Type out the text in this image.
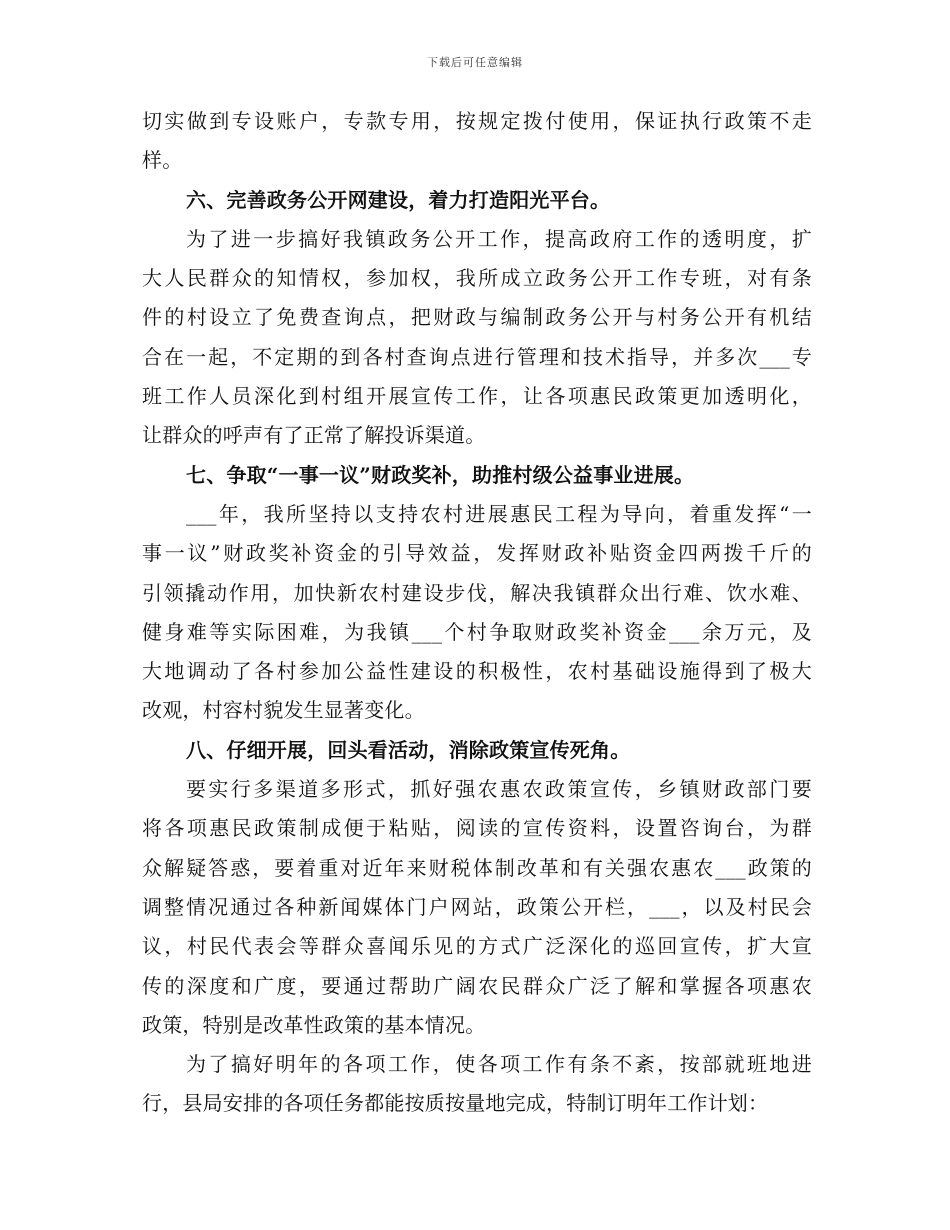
下载后可任意编辑
切实做到专设账户，专款专用，按规定拨付使用，保证执行政策不走
样。
六、完善政务公开网建设，着力打造阳光平台。
为了进一步搞好我镇政务公开工作，提高政府工作的透明度，扩
大人民群众的知情权，参加权，我所成立政务公开工作专班，对有条
件的村设立了免费查询点，把财政与编制政务公开与村务公开有机结
合在一起，不定期的到各村查询点进行管理和技术指导，并多次___专
班工作人员深化到村组开展宣传工作，让各项惠民政策更加透明化，
让群众的呼声有了正常了解投诉渠道。
七、争取“一事一议”财政奖补，助推村级公益事业进展。
___年，我所坚持以支持农村进展惠民工程为导向，着重发挥“一
事一议”财政奖补资金的引导效益，发挥财政补贴资金四两拨千斤的
引领撬动作用，加快新农村建设步伐，解决我镇群众出行难、饮水难、
健身难等实际困难，为我镇___个村争取财政奖补资金___余万元，及
大地调动了各村参加公益性建设的积极性，农村基础设施得到了极大
改观，村容村貌发生显著变化。
八、仔细开展，回头看活动，消除政策宣传死角。
要实行多渠道多形式，抓好强农惠农政策宣传，乡镇财政部门要
将各项惠民政策制成便于粘贴，阅读的宣传资料，设置咨询台，为群
众解疑答惑，要着重对近年来财税体制改革和有关强农惠农___政策的
调整情况通过各种新闻媒体门户网站，政策公开栏，___，以及村民会
议，村民代表会等群众喜闻乐见的方式广泛深化的巡回宣传，扩大宣
传的深度和广度，要通过帮助广阔农民群众广泛了解和掌握各项惠农
政策，特别是改革性政策的基本情况。
为了搞好明年的各项工作，使各项工作有条不紊，按部就班地进
行，县局安排的各项任务都能按质按量地完成，特制订明年工作计划：
